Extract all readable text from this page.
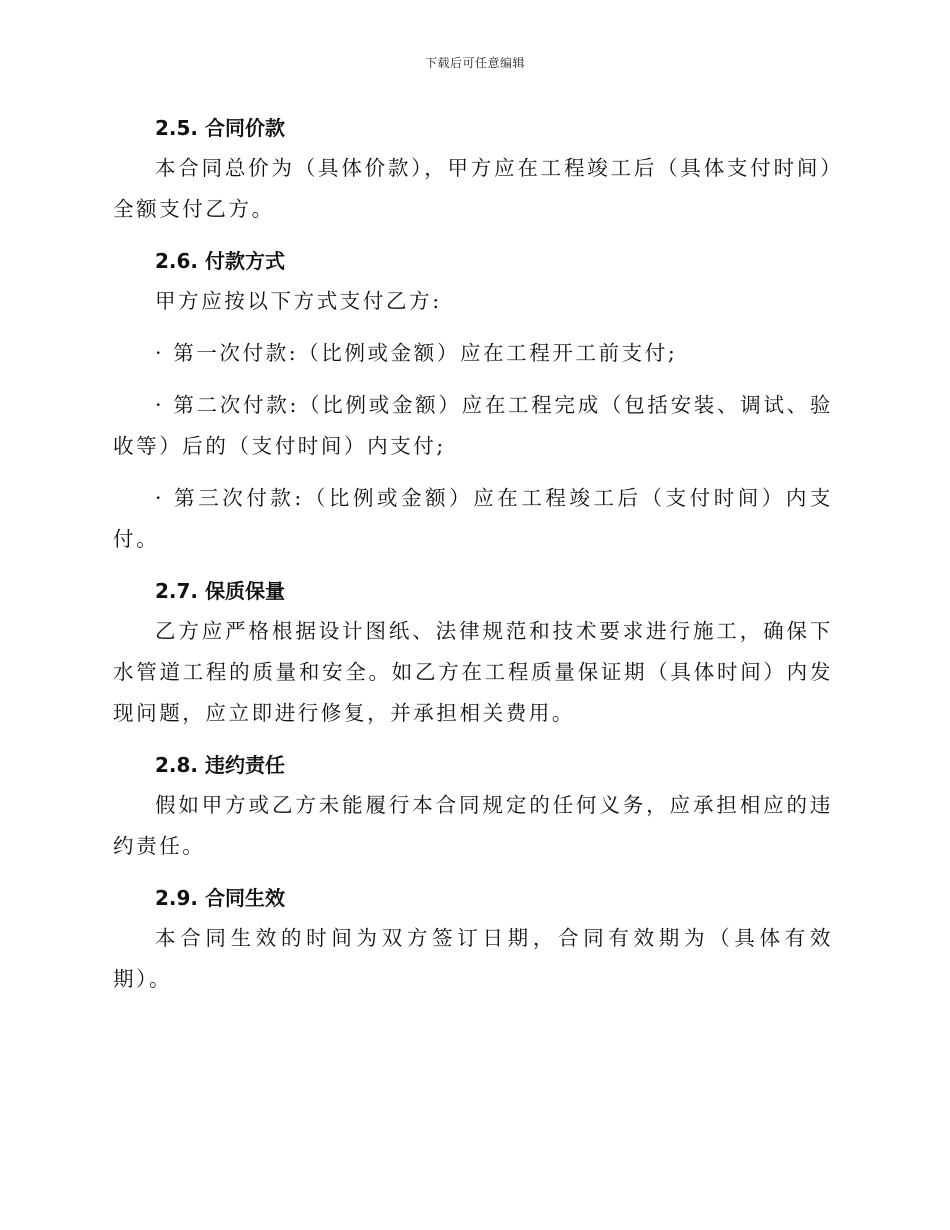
下载后可任意编辑
2.5. 合同价款

本合同总价为（具体价款），甲方应在工程竣工后（具体支付时间）全额支付乙方。

2.6. 付款方式

甲方应按以下方式支付乙方:

· 第一次付款:（比例或金额）应在工程开工前支付;

· 第二次付款:（比例或金额）应在工程完成（包括安装、调试、验收等）后的（支付时间）内支付;

· 第三次付款:（比例或金额）应在工程竣工后（支付时间）内支付。

2.7. 保质保量

乙方应严格根据设计图纸、法律规范和技术要求进行施工，确保下水管道工程的质量和安全。如乙方在工程质量保证期（具体时间）内发现问题，应立即进行修复，并承担相关费用。

2.8. 违约责任

假如甲方或乙方未能履行本合同规定的任何义务，应承担相应的违约责任。

2.9. 合同生效

本合同生效的时间为双方签订日期，合同有效期为（具体有效期）。
